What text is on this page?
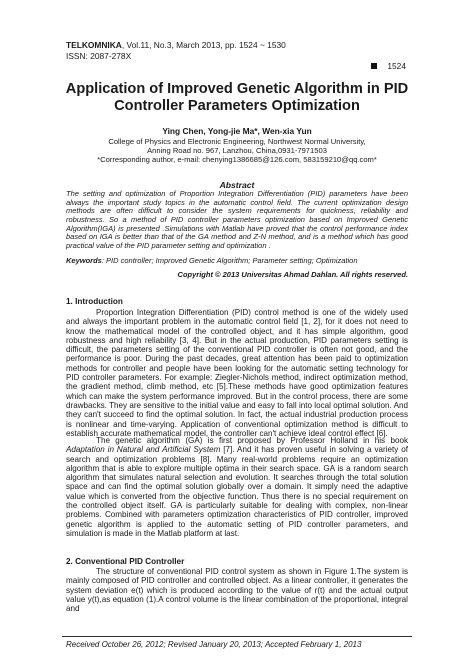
TELKOMNIKA, Vol.11, No.3, March 2013, pp. 1524 ~ 1530
ISSN: 2087-278X
1524
Application of Improved Genetic Algorithm in PID
Controller Parameters Optimization
Ying Chen, Yong-jie Ma*, Wen-xia Yun
College of Physics and Electronic Engineering, Northwest Normal University,
Anning Road no. 967, Lanzhou, China,0931-7971503
*Corresponding author, e-mail: chenying1386685@126.com, 583159210@qq.com*
Abstract
The setting and optimization of Proportion Integration Differentiation (PID) parameters have been always the important study topics in the automatic control field. The current optimization design methods are often difficult to consider the system requirements for quickness, reliability and robustness. So a method of PID controller parameters optimization based on Improved Genetic Algorithm(IGA) is presented .Simulations with Matlab have proved that the control performance index based on IGA is better than that of the GA method and Z-N method, and is a method which has good practical value of the PID parameter setting and optimization .
Keywords: PID controller; Improved Genetic Algorithm; Parameter setting; Optimization
Copyright © 2013 Universitas Ahmad Dahlan. All rights reserved.
1. Introduction
Proportion Integration Differentiation (PID) control method is one of the widely used and always the important problem in the automatic control field [1, 2], for it does not need to know the mathematical model of the controlled object, and it has simple algorithm, good robustness and high reliability [3, 4]. But in the actual production, PID parameters setting is difficult, the parameters setting of the conventional PID controller is often not good, and the performance is poor. During the past decades, great attention has been paid to optimization methods for controller and people have been looking for the automatic setting technology for PID controller parameters. For example: Ziegler-Nichols method, indirect optimization method, the gradient method, climb method, etc [5].These methods have good optimization features which can make the system performance improved. But in the control process, there are some drawbacks. They are sensitive to the initial value and easy to fall into local optimal solution. And they can't succeed to find the optimal solution. In fact, the actual industrial production process is nonlinear and time-varying. Application of conventional optimization method is difficult to establish accurate mathematical model, the controller can't achieve ideal control effect [6].
The genetic algorithm (GA) is first proposed by Professor Holland in his book Adaptation in Natural and Artificial System [7]. And it has proven useful in solving a variety of search and optimization problems [8]. Many real-world problems require an optimization algorithm that is able to explore multiple optima in their search space. GA is a random search algorithm that simulates natural selection and evolution. It searches through the total solution space and can find the optimal solution globally over a domain. It simply need the adaptive value which is converted from the objective function. Thus there is no special requirement on the controlled object itself. GA is particularly suitable for dealing with complex, non-linear problems. Combined with parameters optimization characteristics of PID controller, improved genetic algorithm is applied to the automatic setting of PID controller parameters, and simulation is made in the Matlab platform at last.
2. Conventional PID Controller
The structure of conventional PID control system as shown in Figure 1.The system is mainly composed of PID controller and controlled object. As a linear controller, it generates the system deviation e(t) which is produced according to the value of r(t) and the actual output value y(t),as equation (1).A control volume is the linear combination of the proportional, integral and
Received October 26, 2012; Revised January 20, 2013; Accepted February 1, 2013
